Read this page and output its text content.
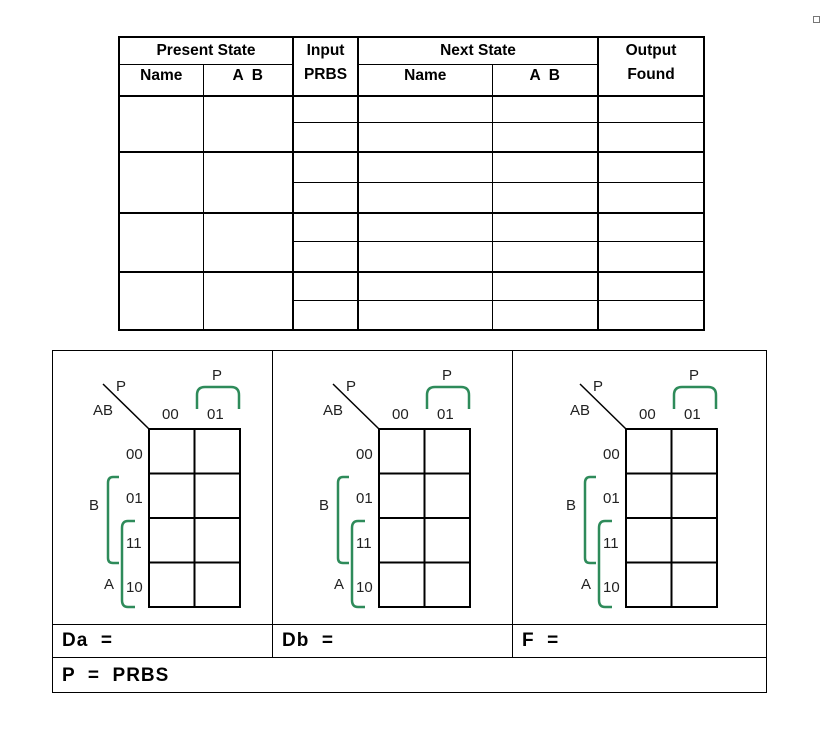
Present State		Input	Next State		Output
Name	A  B	PRBS	Name	A  B	Found

Da  =	Db  =	F  =
P  =  PRBS
P
AB	00 01
P
00
01
11
10
B
A
P
AB	00 01
P
00
01
11
10
B
A
P
AB	00 01
P
00
01
11
10
B
A
